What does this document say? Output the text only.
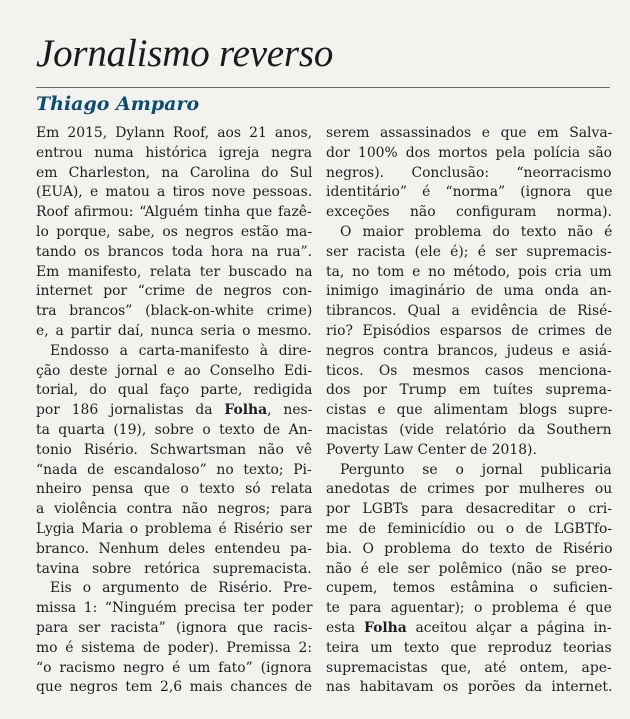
Jornalismo reverso

Thiago Amparo

Em 2015, Dylann Roof, aos 21 anos,
entrou numa histórica igreja negra
em Charleston, na Carolina do Sul
(EUA), e matou a tiros nove pessoas.
Roof afirmou: “Alguém tinha que fazê-
lo porque, sabe, os negros estão ma-
tando os brancos toda hora na rua”.
Em manifesto, relata ter buscado na
internet por “crime de negros con-
tra brancos” (black-on-white crime)
e, a partir daí, nunca seria o mesmo.
Endosso a carta-manifesto à dire-
ção deste jornal e ao Conselho Edi-
torial, do qual faço parte, redigida
por 186 jornalistas da Folha, nes-
ta quarta (19), sobre o texto de An-
tonio Risério. Schwartsman não vê
“nada de escandaloso” no texto; Pi-
nheiro pensa que o texto só relata
a violência contra não negros; para
Lygia Maria o problema é Risério ser
branco. Nenhum deles entendeu pa-
tavina sobre retórica supremacista.
Eis o argumento de Risério. Pre-
missa 1: “Ninguém precisa ter poder
para ser racista” (ignora que racis-
mo é sistema de poder). Premissa 2:
“o racismo negro é um fato” (ignora
que negros tem 2,6 mais chances de
serem assassinados e que em Salva-
dor 100% dos mortos pela polícia são
negros). Conclusão: “neorracismo
identitário” é “norma” (ignora que
exceções não configuram norma).
O maior problema do texto não é
ser racista (ele é); é ser supremacis-
ta, no tom e no método, pois cria um
inimigo imaginário de uma onda an-
tibrancos. Qual a evidência de Risé-
rio? Episódios esparsos de crimes de
negros contra brancos, judeus e asiá-
ticos. Os mesmos casos menciona-
dos por Trump em tuítes suprema-
cistas e que alimentam blogs supre-
macistas (vide relatório da Southern
Poverty Law Center de 2018).
Pergunto se o jornal publicaria
anedotas de crimes por mulheres ou
por LGBTs para desacreditar o cri-
me de feminicídio ou o de LGBTfo-
bia. O problema do texto de Risério
não é ele ser polêmico (não se preo-
cupem, temos estâmina o suficien-
te para aguentar); o problema é que
esta Folha aceitou alçar a página in-
teira um texto que reproduz teorias
supremacistas que, até ontem, ape-
nas habitavam os porões da internet.
